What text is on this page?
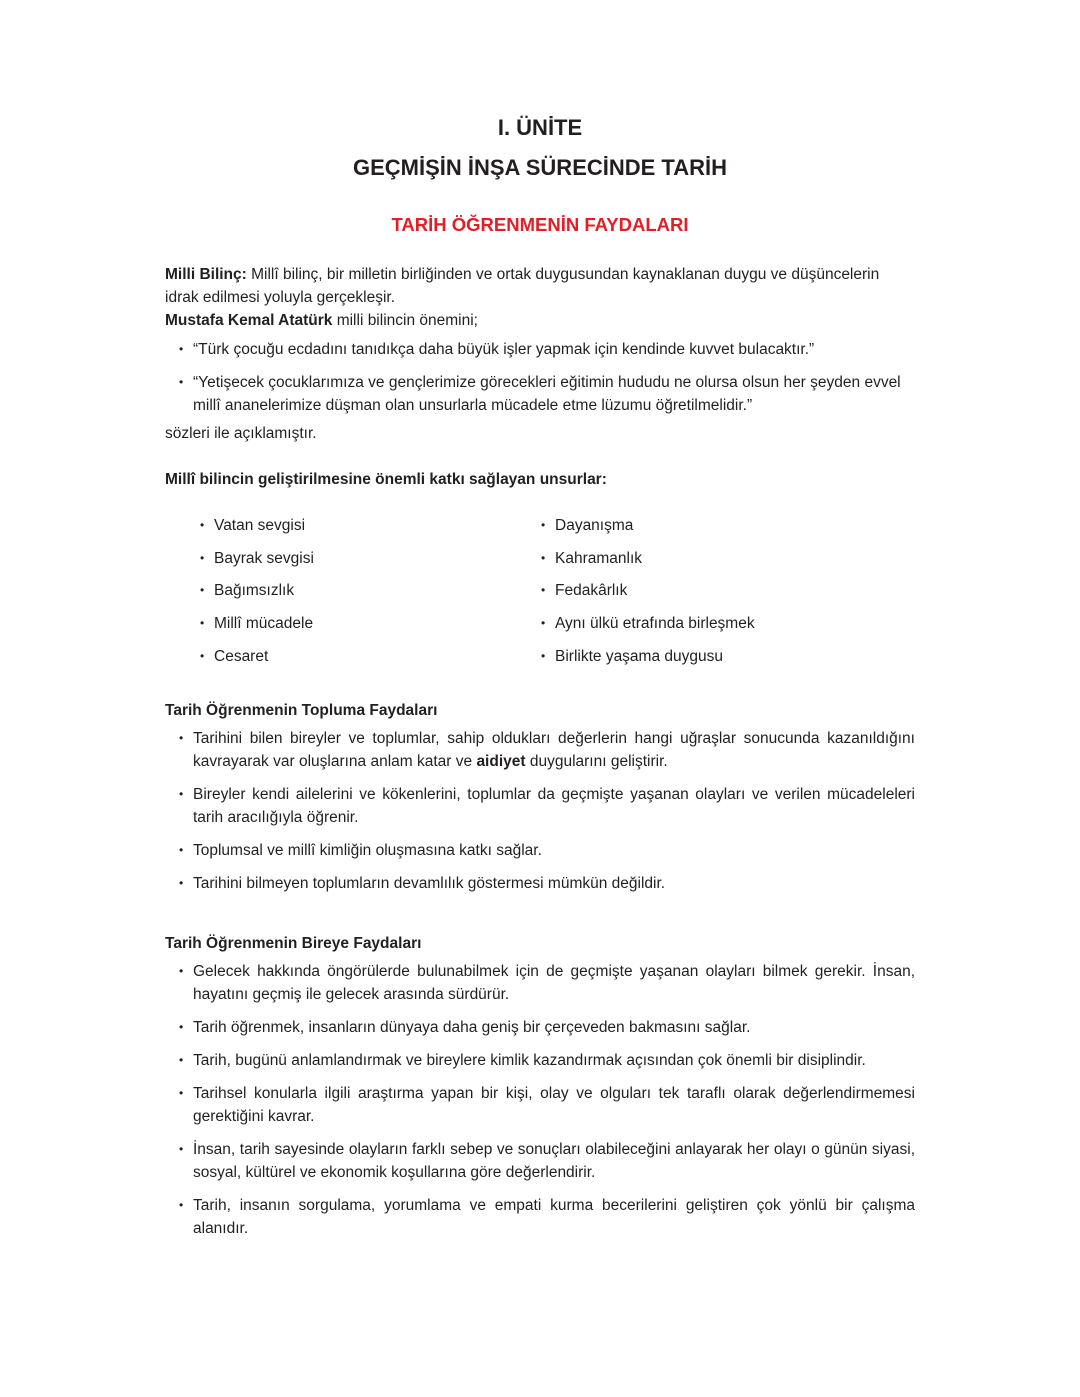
I. ÜNİTE
GEÇMİŞİN İNŞA SÜRECİNDE TARİH
TARİH ÖĞRENMENİN FAYDALARI

Milli Bilinç: Millî bilinç, bir milletin birliğinden ve ortak duygusundan kaynaklanan duygu ve düşüncelerin idrak edilmesi yoluyla gerçekleşir.

Mustafa Kemal Atatürk milli bilincin önemini;

• “Türk çocuğu ecdadını tanıdıkça daha büyük işler yapmak için kendinde kuvvet bulacaktır.”
• “Yetişecek çocuklarımıza ve gençlerimize görecekleri eğitimin hududu ne olursa olsun her şeyden evvel millî ananelerimize düşman olan unsurlarla mücadele etme lüzumu öğretilmelidir.”
sözleri ile açıklamıştır.

Millî bilincin geliştirilmesine önemli katkı sağlayan unsurlar:

• Vatan sevgisi
• Bayrak sevgisi
• Bağımsızlık
• Millî mücadele
• Cesaret
• Dayanışma
• Kahramanlık
• Fedakârlık
• Aynı ülkü etrafında birleşmek
• Birlikte yaşama duygusu

Tarih Öğrenmenin Topluma Faydaları

• Tarihini bilen bireyler ve toplumlar, sahip oldukları değerlerin hangi uğraşlar sonucunda kazanıldığını kavrayarak var oluşlarına anlam katar ve aidiyet duygularını geliştirir.
• Bireyler kendi ailelerini ve kökenlerini, toplumlar da geçmişte yaşanan olayları ve verilen mücadeleleri tarih aracılığıyla öğrenir.
• Toplumsal ve millî kimliğin oluşmasına katkı sağlar.
• Tarihini bilmeyen toplumların devamlılık göstermesi mümkün değildir.

Tarih Öğrenmenin Bireye Faydaları

• Gelecek hakkında öngörülerde bulunabilmek için de geçmişte yaşanan olayları bilmek gerekir. İnsan, hayatını geçmiş ile gelecek arasında sürdürür.
• Tarih öğrenmek, insanların dünyaya daha geniş bir çerçeveden bakmasını sağlar.
• Tarih, bugünü anlamlandırmak ve bireylere kimlik kazandırmak açısından çok önemli bir disiplindir.
• Tarihsel konularla ilgili araştırma yapan bir kişi, olay ve olguları tek taraflı olarak değerlendirmemesi gerektiğini kavrar.
• İnsan, tarih sayesinde olayların farklı sebep ve sonuçları olabileceğini anlayarak her olayı o günün siyasi, sosyal, kültürel ve ekonomik koşullarına göre değerlendirir.
• Tarih, insanın sorgulama, yorumlama ve empati kurma becerilerini geliştiren çok yönlü bir çalışma alanıdır.
